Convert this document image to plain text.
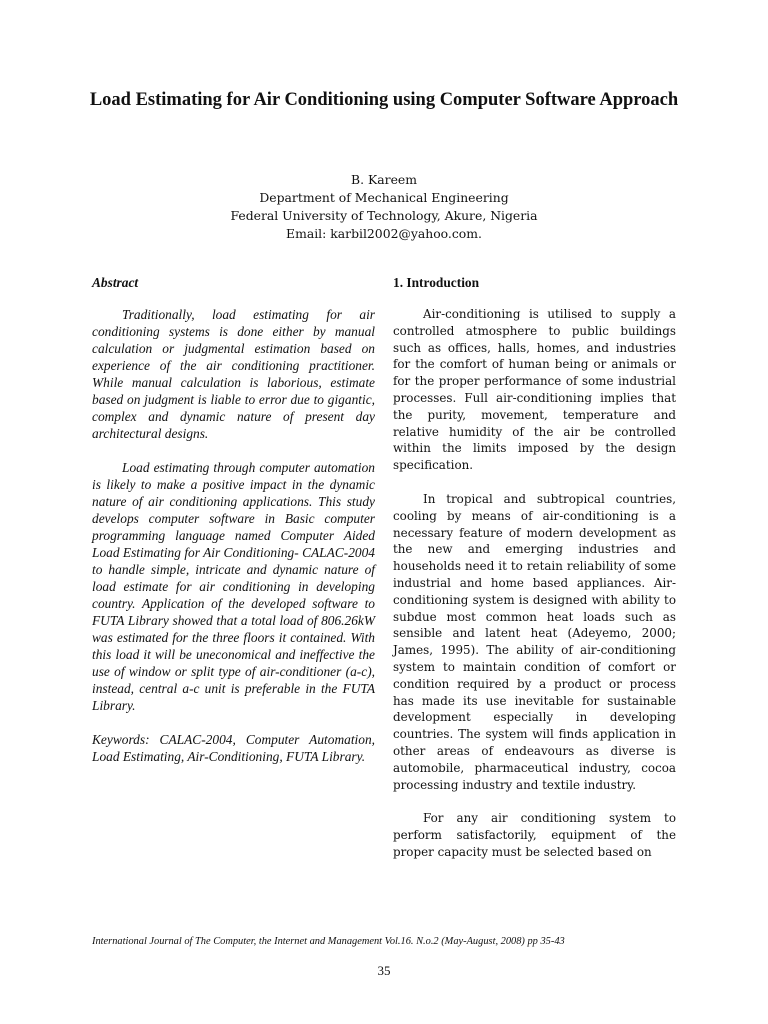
Load Estimating for Air Conditioning using Computer Software Approach
B. Kareem
Department of Mechanical Engineering
Federal University of Technology, Akure, Nigeria
Email: karbil2002@yahoo.com.
Abstract

Traditionally, load estimating for air conditioning systems is done either by manual calculation or judgmental estimation based on experience of the air conditioning practitioner. While manual calculation is laborious, estimate based on judgment is liable to error due to gigantic, complex and dynamic nature of present day architectural designs.

Load estimating through computer automation is likely to make a positive impact in the dynamic nature of air conditioning applications. This study develops computer software in Basic computer programming language named Computer Aided Load Estimating for Air Conditioning- CALAC-2004 to handle simple, intricate and dynamic nature of load estimate for air conditioning in developing country. Application of the developed software to FUTA Library showed that a total load of 806.26kW was estimated for the three floors it contained. With this load it will be uneconomical and ineffective the use of window or split type of air-conditioner (a-c), instead, central a-c unit is preferable in the FUTA Library.

Keywords: CALAC-2004, Computer Automation, Load Estimating, Air-Conditioning, FUTA Library.

1. Introduction

Air-conditioning is utilised to supply a controlled atmosphere to public buildings such as offices, halls, homes, and industries for the comfort of human being or animals or for the proper performance of some industrial processes. Full air-conditioning implies that the purity, movement, temperature and relative humidity of the air be controlled within the limits imposed by the design specification.

In tropical and subtropical countries, cooling by means of air-conditioning is a necessary feature of modern development as the new and emerging industries and households need it to retain reliability of some industrial and home based appliances. Air-conditioning system is designed with ability to subdue most common heat loads such as sensible and latent heat (Adeyemo, 2000; James, 1995). The ability of air-conditioning system to maintain condition of comfort or condition required by a product or process has made its use inevitable for sustainable development especially in developing countries. The system will finds application in other areas of endeavours as diverse is automobile, pharmaceutical industry, cocoa processing industry and textile industry.

For any air conditioning system to perform satisfactorily, equipment of the proper capacity must be selected based on

International Journal of The Computer, the Internet and Management Vol.16. N.o.2 (May-August, 2008) pp 35-43
35
